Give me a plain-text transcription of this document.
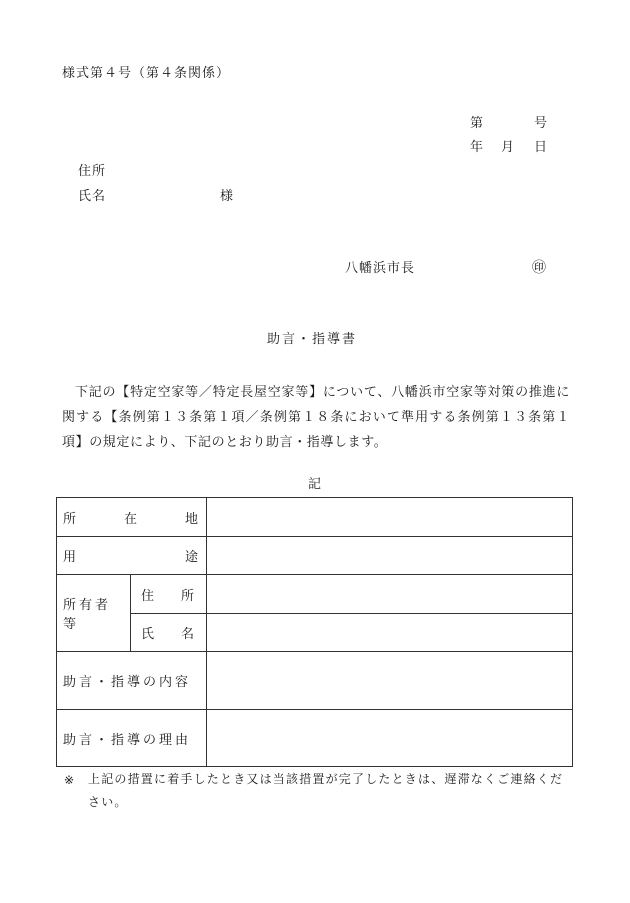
様式第４号（第４条関係）
第	号
年 月 日
住所
氏名	様
八幡浜市長	㊞
助言・指導書
下記の【特定空家等／特定長屋空家等】について、八幡浜市空家等対策の推進に関する【条例第１３条第１項／条例第１８条において準用する条例第１３条第１項】の規定により、下記のとおり助言・指導します。
記
所 在 地		

用 途		

所有者等	住 所	

	氏 名	

助言・指導の内容		
助言・指導の理由		
※ 上記の措置に着手したとき又は当該措置が完了したときは、遅滞なくご連絡ください。
